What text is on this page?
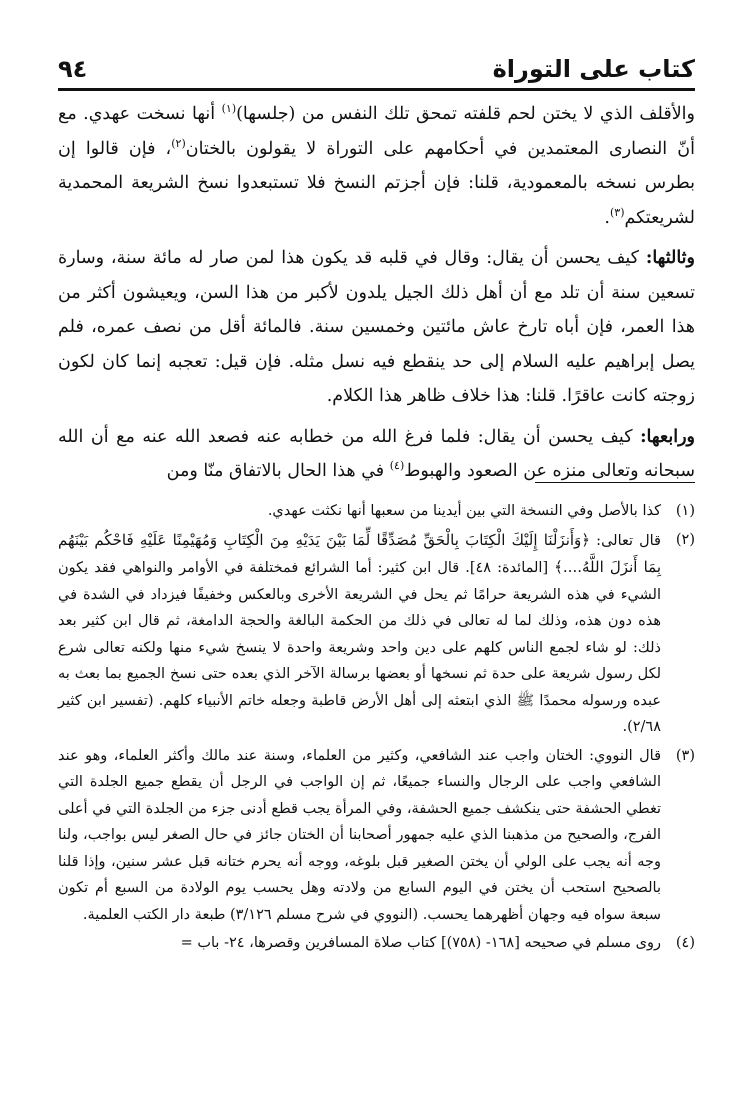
كتاب على التوراة
٩٤

والأقلف الذي لا يختن لحم قلفته تمحق تلك النفس من (جلسها)$^{(١)}$ أنها نسخت عهدي. مع أنّ النصارى المعتمدين في أحكامهم على التوراة لا يقولون بالختان$^{(٢)}$، فإن قالوا إن بطرس نسخه بالمعمودية، قلنا: فإن أجزتم النسخ فلا تستبعدوا نسخ الشريعة المحمدية لشريعتكم$^{(٣)}$.

وثالثها: كيف يحسن أن يقال: وقال في قلبه قد يكون هذا لمن صار له مائة سنة، وسارة تسعين سنة أن تلد مع أن أهل ذلك الجيل يلدون لأكبر من هذا السن، ويعيشون أكثر من هذا العمر، فإن أباه تارخ عاش مائتين وخمسين سنة. فالمائة أقل من نصف عمره، فلم يصل إبراهيم عليه السلام إلى حد ينقطع فيه نسل مثله. فإن قيل: تعجبه إنما كان لكون زوجته كانت عاقرًا. قلنا: هذا خلاف ظاهر هذا الكلام.

ورابعها: كيف يحسن أن يقال: فلما فرغ الله من خطابه عنه فصعد الله عنه مع أن الله سبحانه وتعالى منزه عن الصعود والهبوط$^{(٤)}$ في هذا الحال بالاتفاق منّا ومن

(١)
كذا بالأصل وفي النسخة التي بين أيدينا من سعبها أنها نكثت عهدي.
(٢)
قال تعالى: ﴿وَأَنزَلْنَا إِلَيْكَ الْكِتَابَ بِالْحَقِّ مُصَدِّقًا لِّمَا بَيْنَ يَدَيْهِ مِنَ الْكِتَابِ وَمُهَيْمِنًا عَلَيْهِ فَاحْكُم بَيْنَهُم بِمَا أَنزَلَ اللَّهُ....﴾ [المائدة: ٤٨]. قال ابن كثير: أما الشرائع فمختلفة في الأوامر والنواهي فقد يكون الشيء في هذه الشريعة حرامًا ثم يحل في الشريعة الأخرى وبالعكس وخفيفًا فيزداد في الشدة في هذه دون هذه، وذلك لما له تعالى في ذلك من الحكمة البالغة والحجة الدامغة، ثم قال ابن كثير بعد ذلك: لو شاء لجمع الناس كلهم على دين واحد وشريعة واحدة لا ينسخ شيء منها ولكنه تعالى شرع لكل رسول شريعة على حدة ثم نسخها أو بعضها برسالة الآخر الذي بعده حتى نسخ الجميع بما بعث به عبده ورسوله محمدًا ﷺ الذي ابتعثه إلى أهل الأرض قاطبة وجعله خاتم الأنبياء كلهم. (تفسير ابن كثير ٢/٦٨).
(٣)
قال النووي: الختان واجب عند الشافعي، وكثير من العلماء، وسنة عند مالك وأكثر العلماء، وهو عند الشافعي واجب على الرجال والنساء جميعًا، ثم إن الواجب في الرجل أن يقطع جميع الجلدة التي تغطي الحشفة حتى ينكشف جميع الحشفة، وفي المرأة يجب قطع أدنى جزء من الجلدة التي في أعلى الفرج، والصحيح من مذهبنا الذي عليه جمهور أصحابنا أن الختان جائز في حال الصغر ليس بواجب، ولنا وجه أنه يجب على الولي أن يختن الصغير قبل بلوغه، ووجه أنه يحرم ختانه قبل عشر سنين، وإذا قلنا بالصحيح استحب أن يختن في اليوم السابع من ولادته وهل يحسب يوم الولادة من السبع أم تكون سبعة سواه فيه وجهان أظهرهما يحسب. (النووي في شرح مسلم ٣/١٢٦) طبعة دار الكتب العلمية.
(٤)
روى مسلم في صحيحه [١٦٨- (٧٥٨)] كتاب صلاة المسافرين وقصرها، ٢٤- باب =
